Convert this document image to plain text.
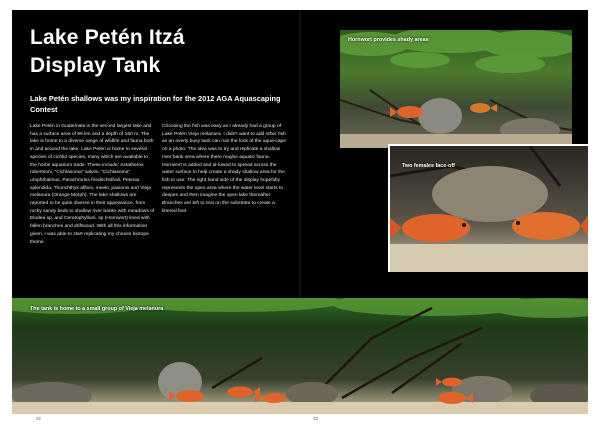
Lake Petén Itzá
Display Tank
Lake Petén shallows was my inspiration for the 2012 AGA Aquascaping Contest
Lake Petén in Guatemala is the second largest lake and has a surface area of 99 km and a depth of 160 m. The lake is home to a diverse range of wildlife and fauna both in and around the lake. Lake Petén is home to several species of cichlid species, many which are available to the home aquarium trade. These include: Astatheros robertsoni, "Cichlasoma" salvini, "Cichlasoma" urophthalmus, Parachromis friedrichsthali, Petenia splendida, Thorichthys affinis, meeki, pasionis and Vieja melanura (Orange Morph). The lake shallows are reported to be quite diverse in their appearance, from rocky sandy beds to shallow river banks with meadows of Elodea sp. and Ceratophyllum. sp (Hornwort) lined with fallen branches and driftwood. With all this information given, I was able to start replicating my chosen biotope theme.
Choosing the fish was easy as I already had a group of Lake Petén Vieja melanura. I didn't want to add other fish as an overly busy tank can ruin the look of the aqua-cape on a photo. The idea was to try and replicate a shallow river bank area where there maybe aquatic fauna. Hornwort is added and al-lowed to spread across the water surface to help create a shady shallow area for the fish to use. The right hand side of the display hopefully represents the open area where the water level starts to deepen and then imagine the open lake thereafter. Branches are left to rest on the substrate to create a littered feel.
Hornwort provides shady areas
Two females face-off
The tank is home to a small group of Vieja melanura
32	33
